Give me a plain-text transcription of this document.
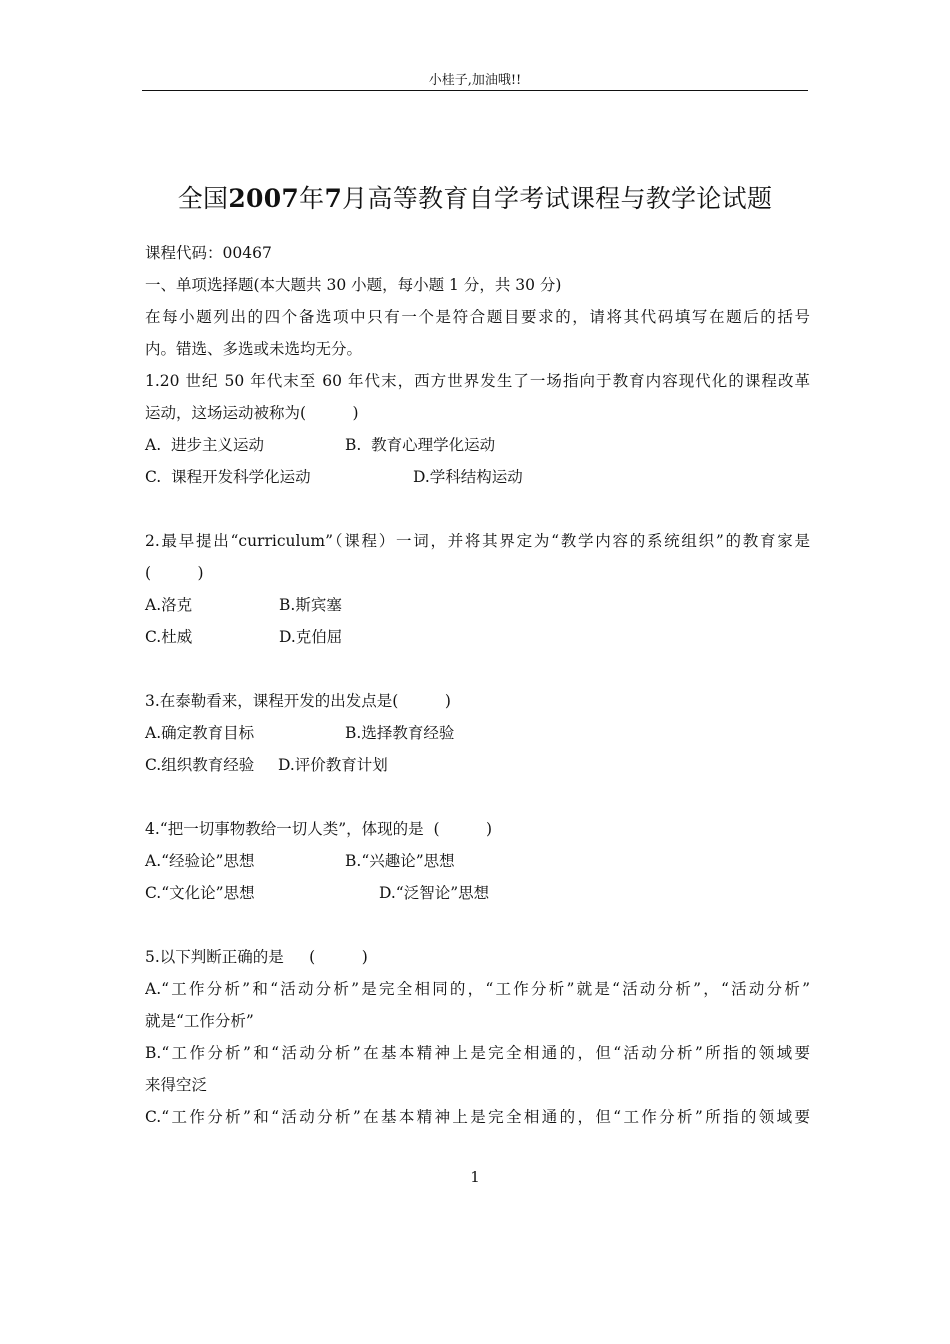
小桂子,加油哦!!
全国2007年7月高等教育自学考试课程与教学论试题
课程代码：00467
一、单项选择题(本大题共 30 小题，每小题 1 分，共 30 分)
在每小题列出的四个备选项中只有一个是符合题目要求的，请将其代码填写在题后的括号
内。错选、多选或未选均无分。
1.20 世纪 50 年代末至 60 年代末，西方世界发生了一场指向于教育内容现代化的课程改革
运动，这场运动被称为(　　　)

A.  进步主义运动

	B.  教育心理学化运动

C.  课程开发科学化运动

	D.学科结构运动

2.最早提出“curriculum”（课程）一词，并将其界定为“教学内容的系统组织”的教育家是
(　　　)

A.洛克

	B.斯宾塞

C.杜威

	D.克伯屈

3.在泰勒看来，课程开发的出发点是(　　　)

A.确定教育目标

	B.选择教育经验

C.组织教育经验

D.评价教育计划

4.“把一切事物教给一切人类”，体现的是  (　　　)

A.“经验论”思想

	B.“兴趣论”思想

C.“文化论”思想

	D.“泛智论”思想

5.以下判断正确的是　  (　　　)
A.“工作分析”和“活动分析”是完全相同的，“工作分析”就是“活动分析”，“活动分析”
就是“工作分析”
B.“工作分析”和“活动分析”在基本精神上是完全相通的，但“活动分析”所指的领域要
来得空泛
C.“工作分析”和“活动分析”在基本精神上是完全相通的，但“工作分析”所指的领域要
1
